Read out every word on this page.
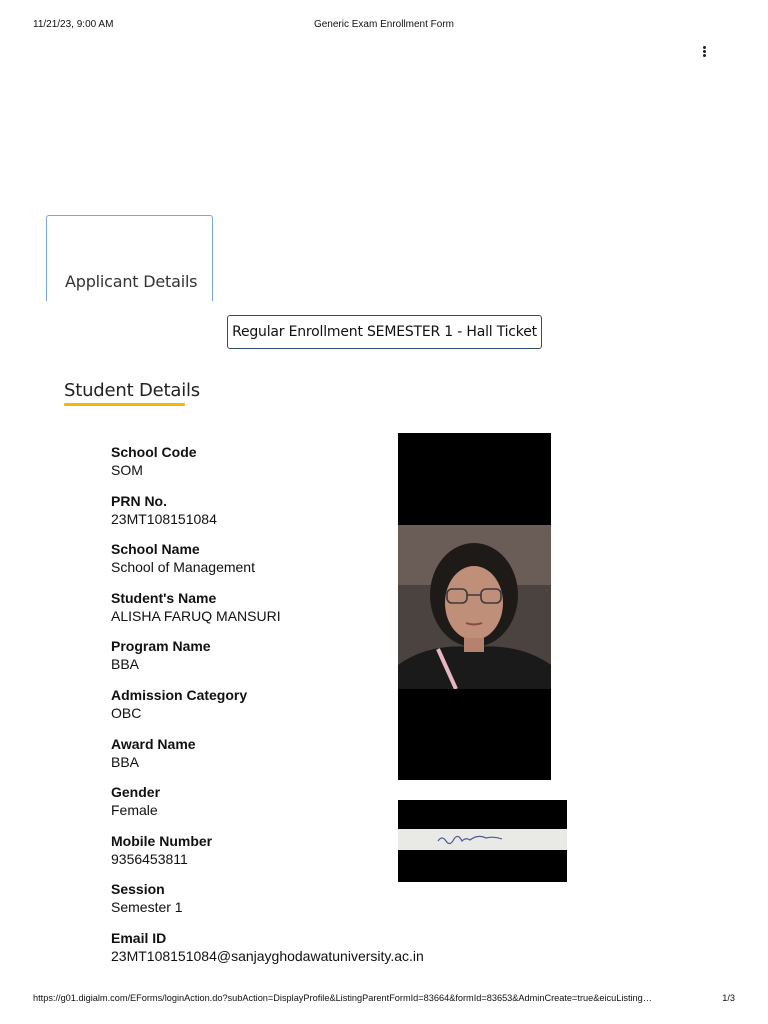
11/21/23, 9:00 AM	Generic Exam Enrollment Form
Applicant Details
Regular Enrollment SEMESTER 1 - Hall Ticket
Student Details
School Code
SOM
PRN No.
23MT108151084
School Name
School of Management
Student's Name
ALISHA FARUQ MANSURI
Program Name
BBA
Admission Category
OBC
Award Name
BBA
Gender
Female
Mobile Number
9356453811
Session
Semester 1
Email ID
23MT108151084@sanjayghodawatuniversity.ac.in
https://g01.digialm.com/EForms/loginAction.do?subAction=DisplayProfile&ListingParentFormId=83664&formId=83653&AdminCreate=true&eicuListing…	1/3
